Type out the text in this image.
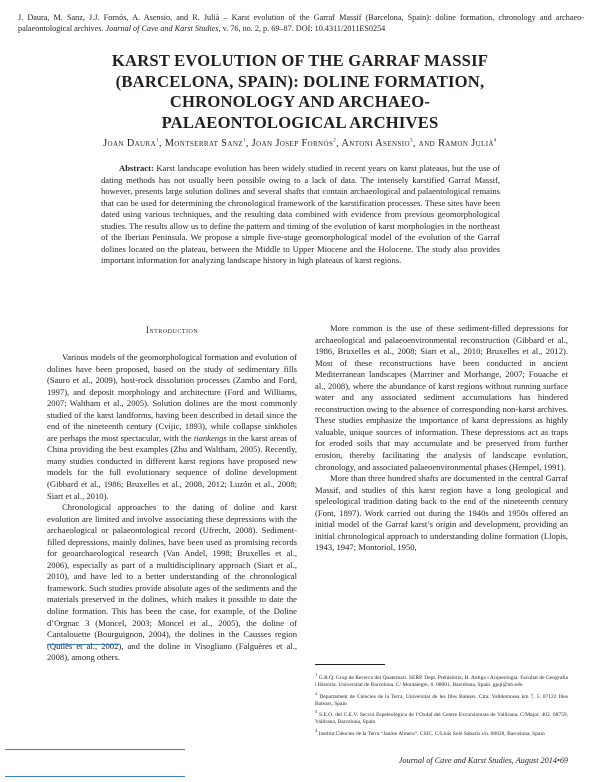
J. Daura, M. Sanz, J.J. Fornós, A. Asensio, and R. Julià – Karst evolution of the Garraf Massif (Barcelona, Spain): doline formation, chronology and archaeo-palaeontological archives. Journal of Cave and Karst Studies, v. 76, no. 2, p. 69–87. DOI: 10.4311/2011ES0254
KARST EVOLUTION OF THE GARRAF MASSIF
(BARCELONA, SPAIN): DOLINE FORMATION,
CHRONOLOGY AND ARCHAEO-
PALAEONTOLOGICAL ARCHIVES
Joan Daura$^1$, Montserrat Sanz$^1$, Joan Josep Fornós$^2$, Antoni Asensio$^3$, and Ramon Julià$^4$
Abstract: Karst landscape evolution has been widely studied in recent years on karst plateaus, but the use of dating methods has not usually been possible owing to a lack of data. The intensely karstified Garraf Massif, however, presents large solution dolines and several shafts that contain archaeological and palaentological remains that can be used for determining the chronological framework of the karstification processes. These sites have been dated using various techniques, and the resulting data combined with evidence from previous geomorphological studies. The results allow us to define the pattern and timing of the evolution of karst morphologies in the northeast of the Iberian Peninsula. We propose a simple five-stage geomorphological model of the evolution of the Garraf dolines located on the plateau, between the Middle to Upper Miocene and the Holocene. The study also provides important information for analyzing landscape history in high plateaus of karst regions.
Introduction

Various models of the geomorphological formation and evolution of dolines have been proposed, based on the study of sedimentary fills (Sauro et al., 2009), host-rock dissolution processes (Zambo and Ford, 1997), and deposit morphology and architecture (Ford and Williams, 2007; Waltham et al., 2005). Solution dolines are the most commonly studied of the karst landforms, having been described in detail since the end of the nineteenth century (Cvijic, 1893), while collapse sinkholes are perhaps the most spectacular, with the tiankengs in the karst areas of China providing the best examples (Zhu and Waltham, 2005). Recently, many studies conducted in different karst regions have proposed new models for the full evolutionary sequence of doline development (Gibbard et al., 1986; Bruxelles et al., 2008, 2012; Luzón et al., 2008; Siart et al., 2010).

Chronological approaches to the dating of doline and karst evolution are limited and involve associating these depressions with the archaeological or palaeontological record (Ufrecht, 2008). Sediment-filled depressions, mainly dolines, have been used as promising records for geoarchaeological research (Van Andel, 1998; Bruxelles et al., 2006), especially as part of a multidisciplinary approach (Siart et al., 2010), and have led to a better understanding of the chronological framework. Such studies provide absolute ages of the sediments and the materials preserved in the dolines, which makes it possible to date the doline formation. This has been the case, for example, of the Doline d’Orgnac 3 (Moncel, 2003; Moncel et al., 2005), the doline of Cantalouette (Bourguignon, 2004), the dolines in the Causses region (Quilès et al., 2002), and the doline in Visogliano (Falguères et al., 2008), among others.

More common is the use of these sediment-filled depressions for archaeological and palaeoenvironmental reconstruction (Gibbard et al., 1986, Bruxelles et al., 2008; Siart et al., 2010; Bruxelles et al., 2012). Most of these reconstructions have been conducted in ancient Mediterranean landscapes (Marriner and Morhange, 2007; Fouache et al., 2008), where the abundance of karst regions without running surface water and any associated sediment accumulations has hindered reconstruction owing to the absence of corresponding non-karst archives. These studies emphasize the importance of karst depressions as highly valuable, unique sources of information. These depressions act as traps for eroded soils that may accumulate and be preserved from further erosion, thereby facilitating the analysis of landscape evolution, chronology, and associated palaeoenvironmental phases (Hempel, 1991).

More than three hundred shafts are documented in the central Garraf Massif, and studies of this karst region have a long geological and speleological tradition dating back to the end of the nineteenth century (Font, 1897). Work carried out during the 1940s and 1950s offered an initial model of the Garraf karst’s origin and development, providing an initial chronological approach to understanding doline formation (Llopis, 1943, 1947; Montoriol, 1950,

$^1$ G.R.Q. Grup de Recerca del Quaternari. SERP. Dept. Prehistòria, H. Antiga i Arqueologia. Facultat de Geografia i Història. Universitat de Barcelona. C/ Montalegre, 6. 08001, Barcelona, Spain. gpqi@ub.edu
$^2$ Departament de Ciències de la Terra, Universitat de les Illes Balears. Ctra. Valldemossa km 7, 5. 07122 Illes Balears, Spain
$^3$ S.E.O. del C.E.V. Secció Espeleològica de l’Oxdal del Centre Excursionista de Vallirana. C/Major, 402. 08759, Vallirana, Barcelona, Spain
$^4$ Institut Ciències de la Terra “Jaume Almera”. CSIC. C/Lluís Solé Sabarís s/n. 08028, Barcelona, Spain
Journal of Cave and Karst Studies, August 2014•69
